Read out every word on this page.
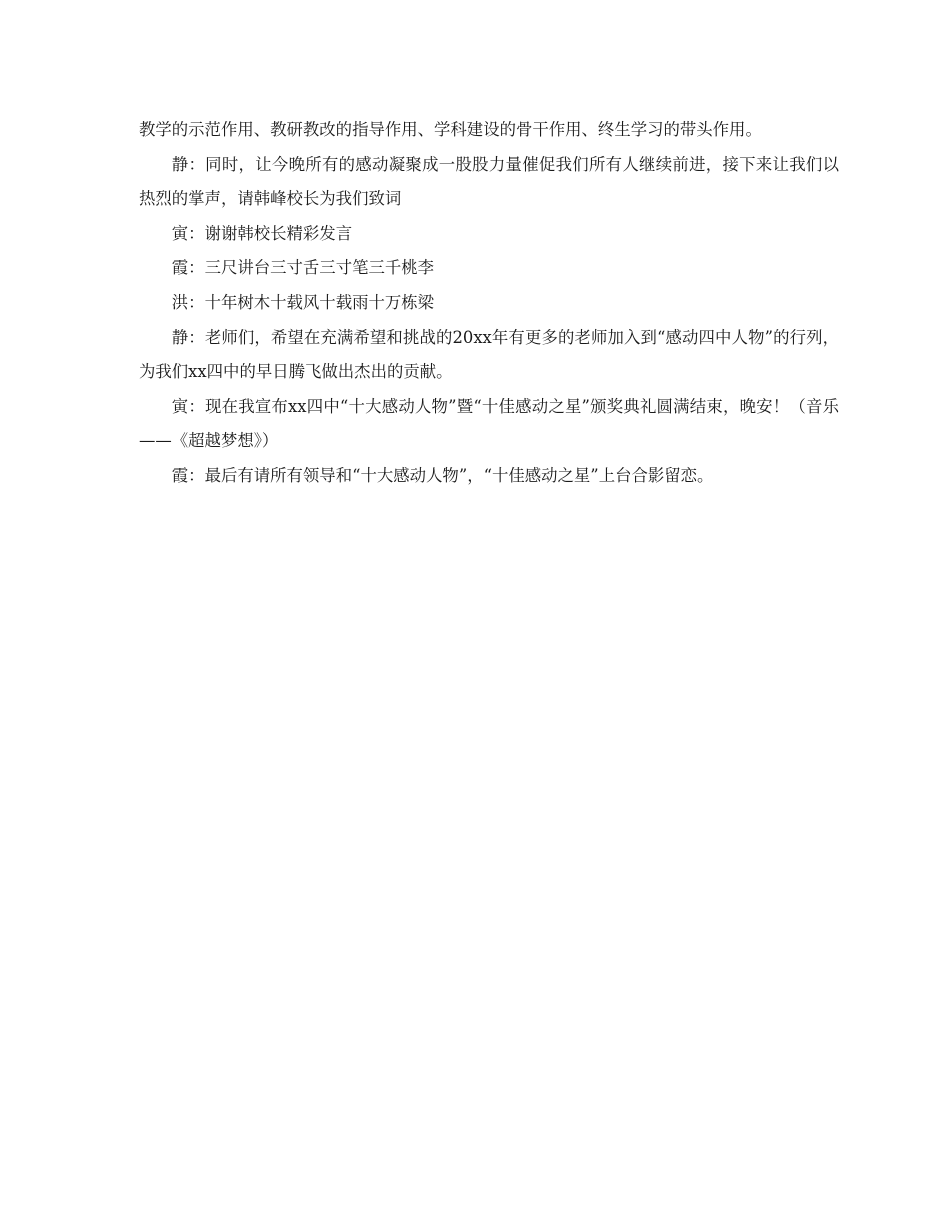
教学的示范作用、教研教改的指导作用、学科建设的骨干作用、终生学习的带头作用。

静：同时，让今晚所有的感动凝聚成一股股力量催促我们所有人继续前进，接下来让我们以热烈的掌声，请韩峰校长为我们致词

寅：谢谢韩校长精彩发言

霞：三尺讲台三寸舌三寸笔三千桃李

洪：十年树木十载风十载雨十万栋梁

静：老师们，希望在充满希望和挑战的20xx年有更多的老师加入到“感动四中人物”的行列，为我们xx四中的早日腾飞做出杰出的贡献。

寅：现在我宣布xx四中“十大感动人物”暨“十佳感动之星”颁奖典礼圆满结束，晚安！（音乐——《超越梦想》）

霞：最后有请所有领导和“十大感动人物”，“十佳感动之星”上台合影留恋。
